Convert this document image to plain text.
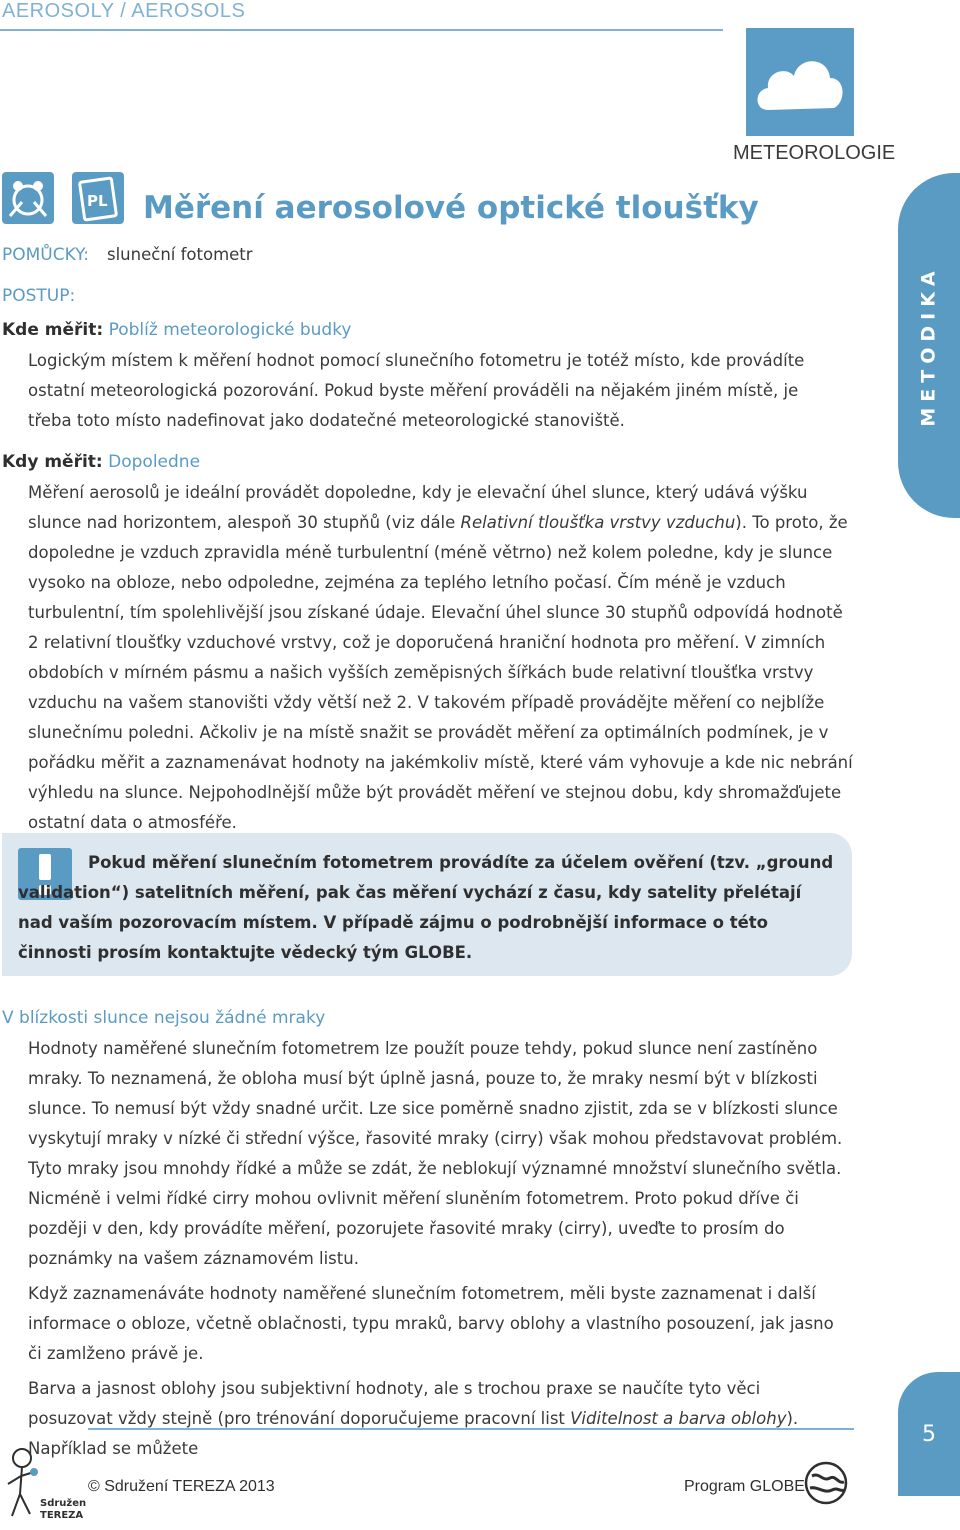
AEROSOLY / AEROSOLS
METEOROLOGIE
METODIKA
PL Měření aerosolové optické tloušťky
POMŮCKY: sluneční fotometr
POSTUP:
Kde měřit: Poblíž meteorologické budky
Logickým místem k měření hodnot pomocí slunečního fotometru je totéž místo, kde provádíte ostatní meteorologická pozorování. Pokud byste měření prováděli na nějakém jiném místě, je třeba toto místo nadefinovat jako dodatečné meteorologické stanoviště.
Kdy měřit: Dopoledne

Měření aerosolů je ideální provádět dopoledne, kdy je elevační úhel slunce, který udává výšku slunce nad horizontem, alespoň 30 stupňů (viz dále Relativní tloušťka vrstvy vzduchu). To proto, že dopoledne je vzduch zpravidla méně turbulentní (méně větrno) než kolem poledne, kdy je slunce vysoko na obloze, nebo odpoledne, zejména za teplého letního počasí. Čím méně je vzduch turbulentní, tím spolehlivější jsou získané údaje. Elevační úhel slunce 30 stupňů odpovídá hodnotě 2 relativní tloušťky vzduchové vrstvy, což je doporučená hraniční hodnota pro měření. V zimních obdobích v mírném pásmu a našich vyšších zeměpisných šířkách bude relativní tloušťka vrstvy vzduchu na vašem stanovišti vždy větší než 2. V takovém případě provádějte měření co nejblíže slunečnímu poledni. Ačkoliv je na místě snažit se provádět měření za optimálních podmínek, je v pořádku měřit a zaznamenávat hodnoty na jakémkoliv místě, které vám vyhovuje a kde nic nebrání výhledu na slunce. Nejpohodlnější může být provádět měření ve stejnou dobu, kdy shromažďujete ostatní data o atmosféře.

Pokud měření slunečním fotometrem provádíte za účelem ověření (tzv. „ground validation“) satelitních měření, pak čas měření vychází z času, kdy satelity přelétají nad vaším pozorovacím místem. V případě zájmu o podrobnější informace o této činnosti prosím kontaktujte vědecký tým GLOBE.
V blízkosti slunce nejsou žádné mraky

Hodnoty naměřené slunečním fotometrem lze použít pouze tehdy, pokud slunce není zastíněno mraky. To neznamená, že obloha musí být úplně jasná, pouze to, že mraky nesmí být v blízkosti slunce. To nemusí být vždy snadné určit. Lze sice poměrně snadno zjistit, zda se v blízkosti slunce vyskytují mraky v nízké či střední výšce, řasovité mraky (cirry) však mohou představovat problém. Tyto mraky jsou mnohdy řídké a může se zdát, že neblokují významné množství slunečního světla. Nicméně i velmi řídké cirry mohou ovlivnit měření sluněním fotometrem. Proto pokud dříve či později v den, kdy provádíte měření, pozorujete řasovité mraky (cirry), uveďte to prosím do poznámky na vašem záznamovém listu.

Když zaznamenáváte hodnoty naměřené slunečním fotometrem, měli byste zaznamenat i další informace o obloze, včetně oblačnosti, typu mraků, barvy oblohy a vlastního posouzení, jak jasno či zamlženo právě je.

Barva a jasnost oblohy jsou subjektivní hodnoty, ale s trochou praxe se naučíte tyto věci posuzovat vždy stejně (pro trénování doporučujeme pracovní list Viditelnost a barva oblohy). Například se můžete

5
Sdružení
TEREZA
© Sdružení TEREZA 2013	Program GLOBE
